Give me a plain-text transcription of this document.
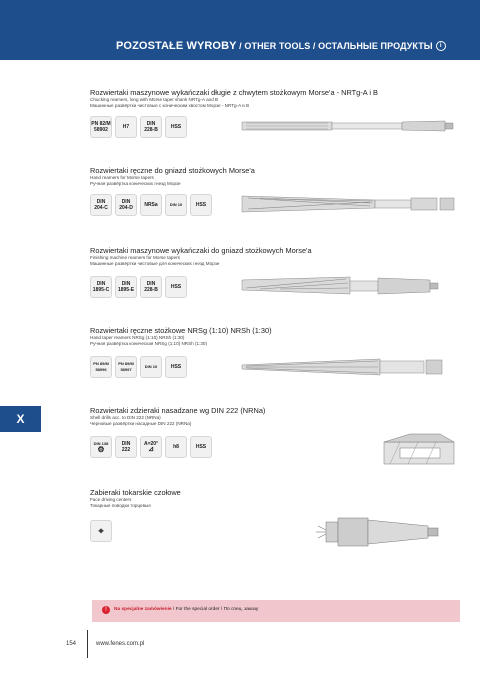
POZOSTAŁE WYROBY / OTHER TOOLS / ОСТАЛЬНЫЕ ПРОДУКТЫ i
X
Rozwiertaki maszynowe wykańczaki długie z chwytem stożkowym Morse'a - NRTg-A i B
Chucking reamers, long with Morse taper shank NRTg-A and B
Машинные развёртки чистовые с коническим хвостом Морзе - NRTg-A и B
PN 82/M
58902	H7	DIN
228-B	HSS
Rozwiertaki ręczne do gniazd stożkowych Morse'a
Hand reamers for Morse tapers
Ручная развёртка конических гнезд Морзе
DIN
204-C
DIN
204-D NRSa	DIN 10	HSS
Rozwiertaki maszynowe wykańczaki do gniazd stożkowych Morse'a
Finishing machine reamers for Morse tapers
Машинные развёртки чистовые для конических гнезд Морзе
DIN
1895-C
DIN
1895-E
DIN
228-B	HSS
Rozwiertaki ręczne stożkowe NRSg (1:10) NRSh (1:30)
Hand taper reamers NRSg (1:10) NRSh (1:30)
Ручная развёртка коническая NRSg (1:10) NRSh (1:30)
PN 89/M
58996
PN 89/M
58997
DIN 10	HSS
Rozwiertaki zdzieraki nasadzane wg DIN 222 (NRNa)
Shell drills acc. to DIN 222 (NRNa)
Черновые развёртки насадные DIN 222 (NRNa)
DIN 138
⚙
DIN
222
A=20°
⊿	h8	HSS
Zabieraki tokarskie czołowe
Face driving centers
Токарные поводки торцевые
⌖
!	Na specjalne zamówienie / For the special order / По спец. заказу
154	www.fenes.com.pl
